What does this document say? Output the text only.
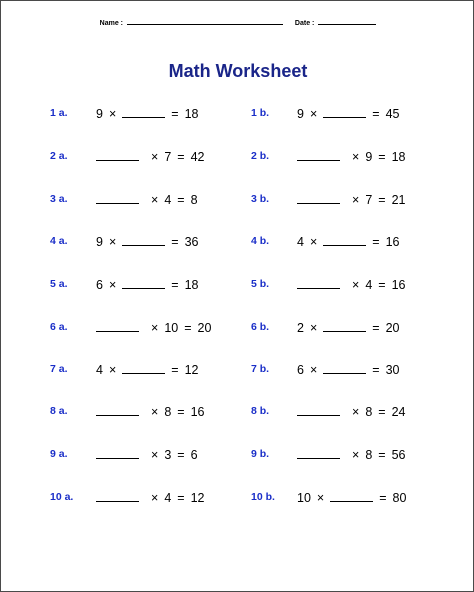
Name :	Date :
Math Worksheet
1 a.	9 ×	= 18	1 b.	9 ×	= 45
2 a.	× 7 = 42	2 b.	× 9 = 18
3 a.	× 4 = 8	3 b.	× 7 = 21
4 a.	9 ×	= 36	4 b.	4 ×	= 16
5 a.	6 ×	= 18	5 b.	× 4 = 16
6 a.	× 10 = 20	6 b.	2 ×	= 20
7 a.	4 ×	= 12	7 b.	6 ×	= 30
8 a.	× 8 = 16	8 b.	× 8 = 24
9 a.	× 3 = 6	9 b.	× 8 = 56
10 a.	× 4 = 12	10 b.	10 ×	= 80
